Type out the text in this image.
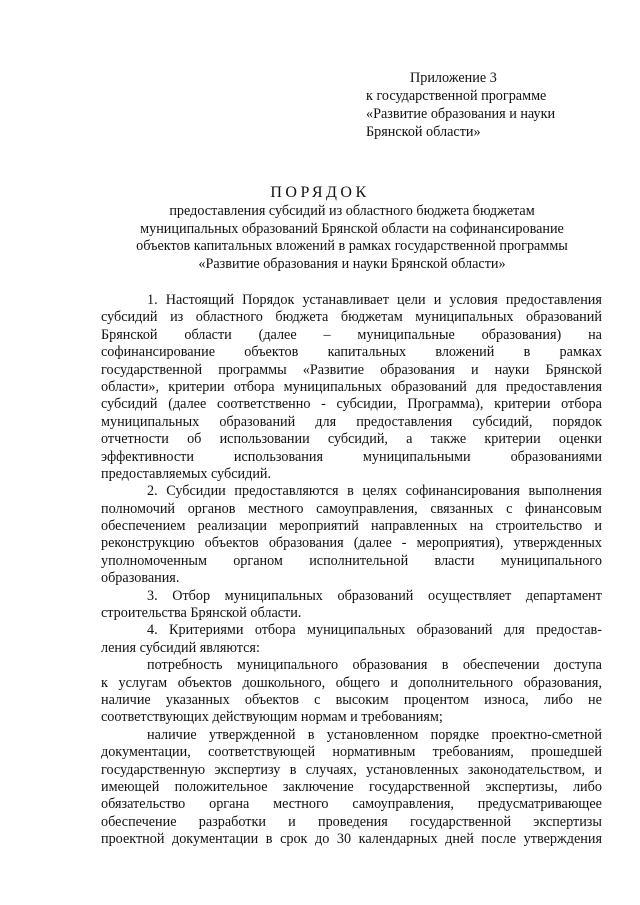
Приложение 3
к государственной программе
«Развитие образования и науки
Брянской области»
ПОРЯДОК
предоставления субсидий из областного бюджета бюджетам
муниципальных образований Брянской области на софинансирование
объектов капитальных вложений в рамках государственной программы
«Развитие образования и науки Брянской области»
1. Настоящий Порядок устанавливает цели и условия предоставления
субсидий из областного бюджета бюджетам муниципальных образований
Брянской области (далее – муниципальные образования) на
софинансирование объектов капитальных вложений в рамках
государственной программы «Развитие образования и науки Брянской
области», критерии отбора муниципальных образований для предоставления
субсидий (далее соответственно - субсидии, Программа), критерии отбора
муниципальных образований для предоставления субсидий, порядок
отчетности об использовании субсидий, а также критерии оценки
эффективности	использования	муниципальными	образованиями
предоставляемых субсидий.
2. Субсидии предоставляются в целях софинансирования выполнения
полномочий органов местного самоуправления, связанных с финансовым
обеспечением реализации мероприятий направленных на строительство и
реконструкцию объектов образования (далее - мероприятия), утвержденных
уполномоченным органом исполнительной власти муниципального
образования.
3. Отбор муниципальных образований осуществляет департамент
строительства Брянской области.
4. Критериями отбора муниципальных образований для предостав-
ления субсидий являются:
потребность муниципального образования в обеспечении доступа
к услугам объектов дошкольного, общего и дополнительного образования,
наличие указанных объектов с высоким процентом износа, либо не
соответствующих действующим нормам и требованиям;
наличие утвержденной в установленном порядке проектно-сметной
документации, соответствующей нормативным требованиям, прошедшей
государственную экспертизу в случаях, установленных законодательством, и
имеющей положительное заключение государственной экспертизы, либо
обязательство органа местного самоуправления, предусматривающее
обеспечение разработки и проведения государственной экспертизы
проектной документации в срок до 30 календарных дней после утверждения
